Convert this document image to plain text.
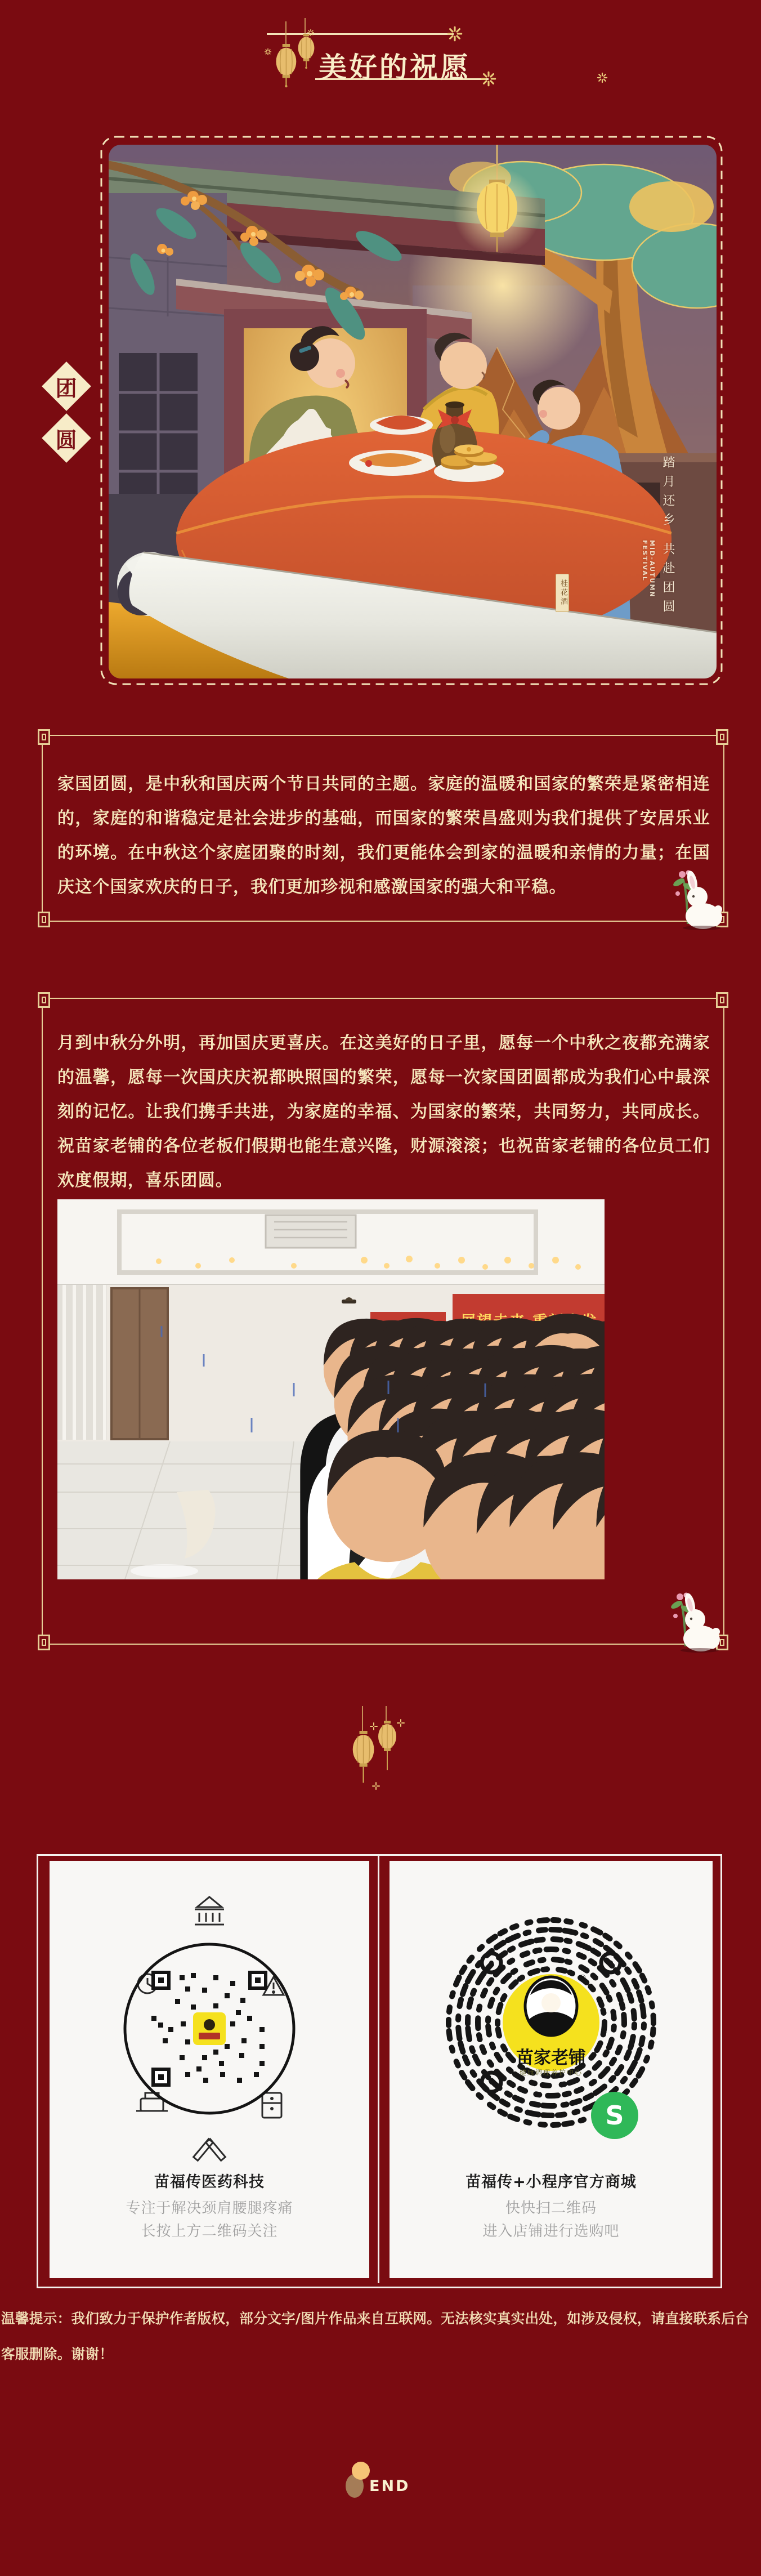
美好的祝愿
踏月还乡
共赴团圆
MID-AUTUMN FESTIVAL
桂花酒
团
圆
家国团圆，是中秋和国庆两个节日共同的主题。家庭的温暖和国家的繁荣是紧密相连的，家庭的和谐稳定是社会进步的基础，而国家的繁荣昌盛则为我们提供了安居乐业的环境。在中秋这个家庭团聚的时刻，我们更能体会到家的温暖和亲情的力量；在国庆这个国家欢庆的日子，我们更加珍视和感激国家的强大和平稳。
月到中秋分外明，再加国庆更喜庆。在这美好的日子里，愿每一个中秋之夜都充满家的温馨，愿每一次国庆庆祝都映照国的繁荣，愿每一次家国团圆都成为我们心中最深刻的记忆。让我们携手共进，为家庭的幸福、为国家的繁荣，共同努力，共同成长。祝苗家老铺的各位老板们假期也能生意兴隆，财源滚滚；也祝苗家老铺的各位员工们欢度假期，喜乐团圆。
苗福传医药科技
专注于解决颈肩腰腿疼痛
长按上方二维码关注
®
苗家老铺
健康调理养护中心
S
苗福传+小程序官方商城
快快扫二维码
进入店铺进行选购吧
温馨提示：我们致力于保护作者版权，部分文字/图片作品来自互联网。无法核实真实出处，如涉及侵权，请直接联系后台客服删除。谢谢！
END
